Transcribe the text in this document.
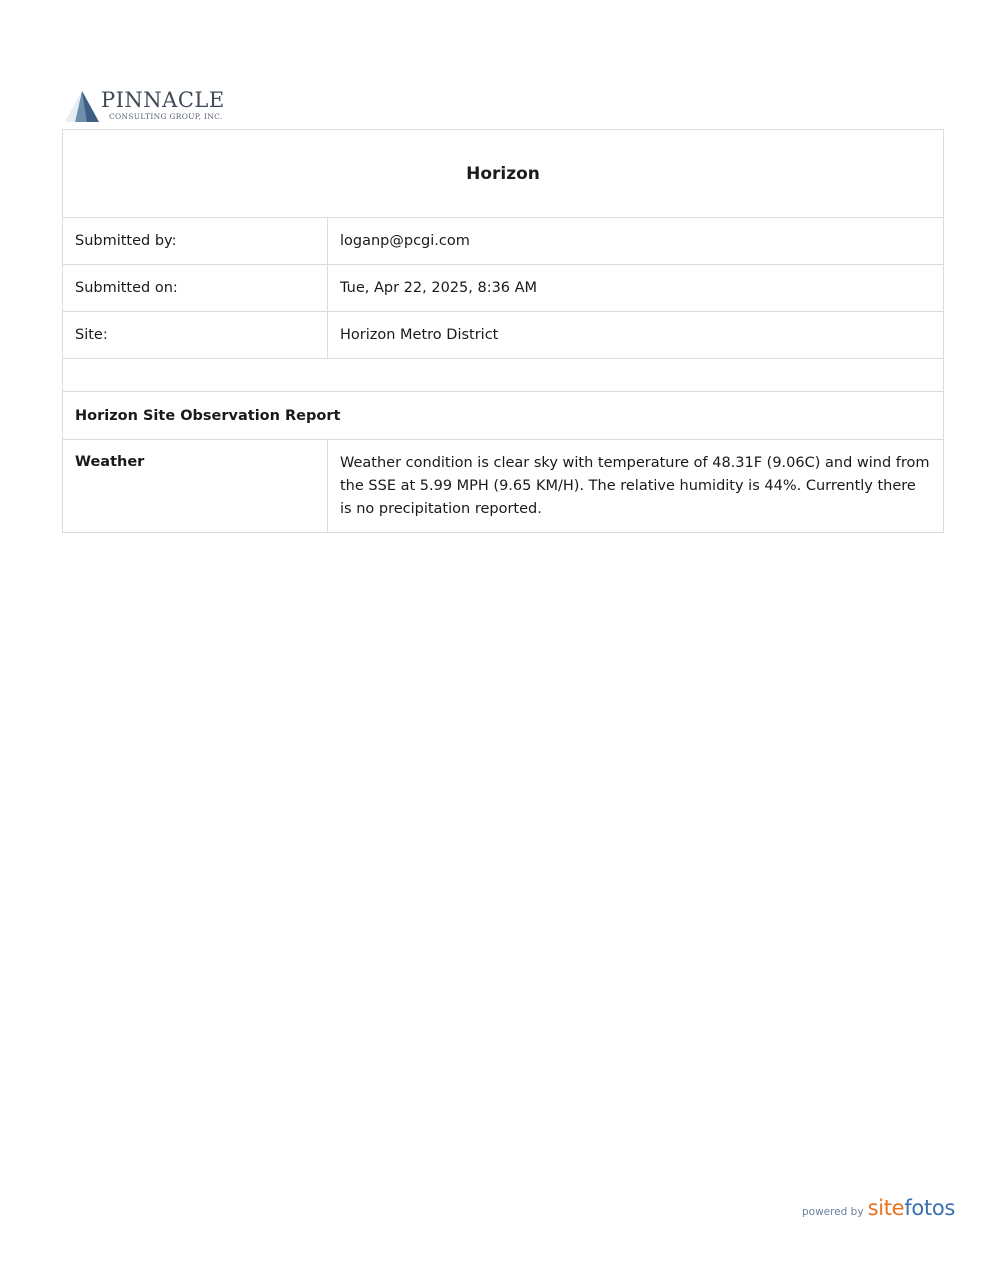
PINNACLE
CONSULTING GROUP, INC.
Horizon
Submitted by:	loganp@pcgi.com
Submitted on:	Tue, Apr 22, 2025, 8:36 AM
Site:	Horizon Metro District
Horizon Site Observation Report
Weather	Weather condition is clear sky with temperature of 48.31F (9.06C) and wind from the SSE at 5.99 MPH (9.65 KM/H). The relative humidity is 44%. Currently there is no precipitation reported.
powered by sitefotos
